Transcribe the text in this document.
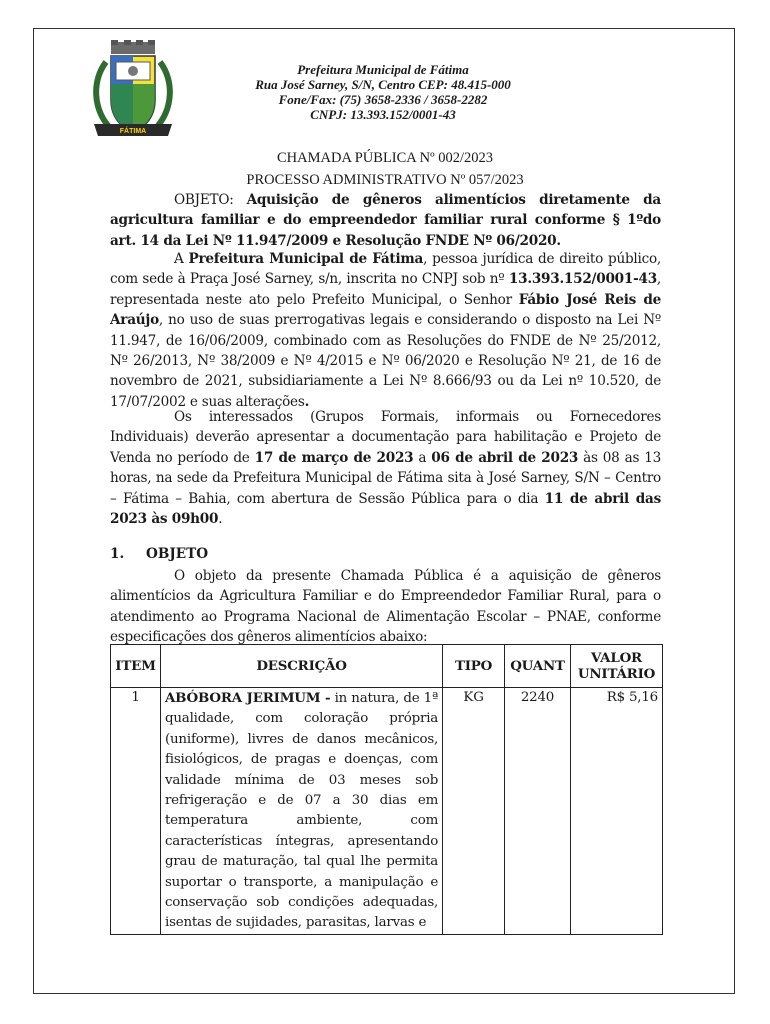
FÁTIMA
Prefeitura Municipal de Fátima
Rua José Sarney, S/N, Centro CEP: 48.415-000
Fone/Fax: (75) 3658-2336 / 3658-2282
CNPJ: 13.393.152/0001-43
CHAMADA PÚBLICA Nº 002/2023
PROCESSO ADMINISTRATIVO Nº 057/2023
OBJETO: Aquisição de gêneros alimentícios diretamente da agricultura familiar e do empreendedor familiar rural conforme § 1ºdo art. 14 da Lei Nº 11.947/2009 e Resolução FNDE Nº 06/2020.
A Prefeitura Municipal de Fátima, pessoa jurídica de direito público, com sede à Praça José Sarney, s/n, inscrita no CNPJ sob nº 13.393.152/0001-43, representada neste ato pelo Prefeito Municipal, o Senhor Fábio José Reis de Araújo, no uso de suas prerrogativas legais e considerando o disposto na Lei Nº 11.947, de 16/06/2009, combinado com as Resoluções do FNDE de Nº 25/2012, Nº 26/2013, Nº 38/2009 e Nº 4/2015 e Nº 06/2020 e Resolução Nº 21, de 16 de novembro de 2021, subsidiariamente a Lei Nº 8.666/93 ou da Lei nº 10.520, de 17/07/2002 e suas alterações.
Os interessados (Grupos Formais, informais ou Fornecedores Individuais) deverão apresentar a documentação para habilitação e Projeto de Venda no período de 17 de março de 2023 a 06 de abril de 2023 às 08 as 13 horas, na sede da Prefeitura Municipal de Fátima sita à José Sarney, S/N – Centro – Fátima – Bahia, com abertura de Sessão Pública para o dia 11 de abril das 2023 às 09h00.
1. OBJETO
O objeto da presente Chamada Pública é a aquisição de gêneros alimentícios da Agricultura Familiar e do Empreendedor Familiar Rural, para o atendimento ao Programa Nacional de Alimentação Escolar – PNAE, conforme especificações dos gêneros alimentícios abaixo:
ITEM	DESCRIÇÃO	TIPO	QUANT	VALOR
UNITÁRIO

1	ABÓBORA JERIMUM - in natura, de 1ª qualidade, com coloração própria (uniforme), livres de danos mecânicos, fisiológicos, de pragas e doenças, com validade mínima de 03 meses sob refrigeração e de 07 a 30 dias em temperatura ambiente, com características íntegras, apresentando grau de maturação, tal qual lhe permita suportar o transporte, a manipulação e conservação sob condições adequadas, isentas de sujidades, parasitas, larvas e	KG	2240	R$ 5,16
